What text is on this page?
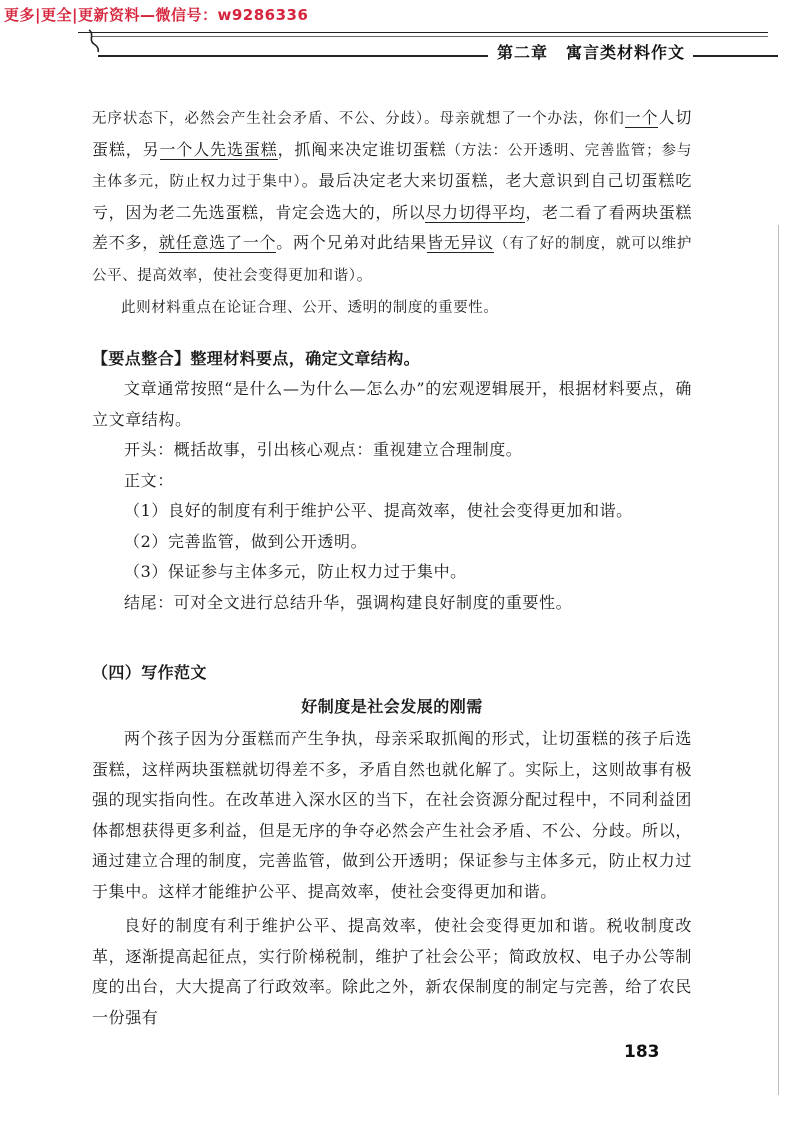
更多|更全|更新资料—微信号：w9286336
第二章 寓言类材料作文

无序状态下，必然会产生社会矛盾、不公、分歧）。母亲就想了一个办法，你们一个人切蛋糕，另一个人先选蛋糕，抓阄来决定谁切蛋糕（方法：公开透明、完善监管；参与主体多元，防止权力过于集中）。最后决定老大来切蛋糕，老大意识到自己切蛋糕吃亏，因为老二先选蛋糕，肯定会选大的，所以尽力切得平均，老二看了看两块蛋糕差不多，就任意选了一个。两个兄弟对此结果皆无异议（有了好的制度，就可以维护公平、提高效率，使社会变得更加和谐）。

此则材料重点在论证合理、公开、透明的制度的重要性。

【要点整合】整理材料要点，确定文章结构。

文章通常按照“是什么—为什么—怎么办”的宏观逻辑展开，根据材料要点，确立文章结构。

开头：概括故事，引出核心观点：重视建立合理制度。

正文：

（1）良好的制度有利于维护公平、提高效率，使社会变得更加和谐。

（2）完善监管，做到公开透明。

（3）保证参与主体多元，防止权力过于集中。

结尾：可对全文进行总结升华，强调构建良好制度的重要性。

（四）写作范文

好制度是社会发展的刚需

两个孩子因为分蛋糕而产生争执，母亲采取抓阄的形式，让切蛋糕的孩子后选蛋糕，这样两块蛋糕就切得差不多，矛盾自然也就化解了。实际上，这则故事有极强的现实指向性。在改革进入深水区的当下，在社会资源分配过程中，不同利益团体都想获得更多利益，但是无序的争夺必然会产生社会矛盾、不公、分歧。所以，通过建立合理的制度，完善监管，做到公开透明；保证参与主体多元，防止权力过于集中。这样才能维护公平、提高效率，使社会变得更加和谐。

良好的制度有利于维护公平、提高效率，使社会变得更加和谐。税收制度改革，逐渐提高起征点，实行阶梯税制，维护了社会公平；简政放权、电子办公等制度的出台，大大提高了行政效率。除此之外，新农保制度的制定与完善，给了农民一份强有

183
